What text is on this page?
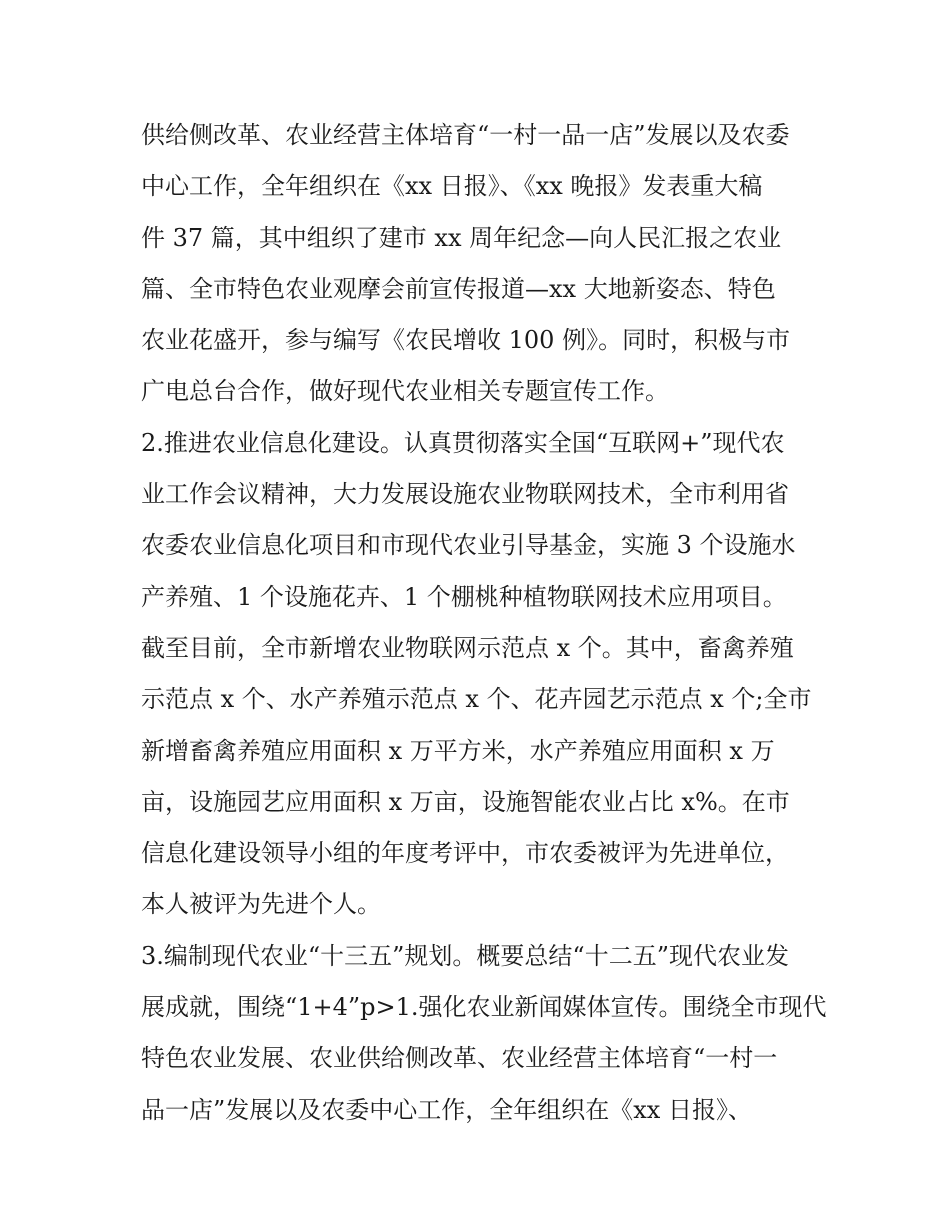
供给侧改革、农业经营主体培育“一村一品一店”发展以及农委
中心工作，全年组织在《xx 日报》、《xx 晚报》发表重大稿
件 37 篇，其中组织了建市 xx 周年纪念—向人民汇报之农业
篇、全市特色农业观摩会前宣传报道—xx 大地新姿态、特色
农业花盛开，参与编写《农民增收 100 例》。同时，积极与市
广电总台合作，做好现代农业相关专题宣传工作。
2.推进农业信息化建设。认真贯彻落实全国“互联网+”现代农
业工作会议精神，大力发展设施农业物联网技术，全市利用省
农委农业信息化项目和市现代农业引导基金，实施 3 个设施水
产养殖、1 个设施花卉、1 个棚桃种植物联网技术应用项目。
截至目前，全市新增农业物联网示范点 x 个。其中，畜禽养殖
示范点 x 个、水产养殖示范点 x 个、花卉园艺示范点 x 个;全市
新增畜禽养殖应用面积 x 万平方米，水产养殖应用面积 x 万
亩，设施园艺应用面积 x 万亩，设施智能农业占比 x%。在市
信息化建设领导小组的年度考评中，市农委被评为先进单位，
本人被评为先进个人。
3.编制现代农业“十三五”规划。概要总结“十二五”现代农业发
展成就，围绕“1+4”p>1.强化农业新闻媒体宣传。围绕全市现代
特色农业发展、农业供给侧改革、农业经营主体培育“一村一
品一店”发展以及农委中心工作，全年组织在《xx 日报》、
